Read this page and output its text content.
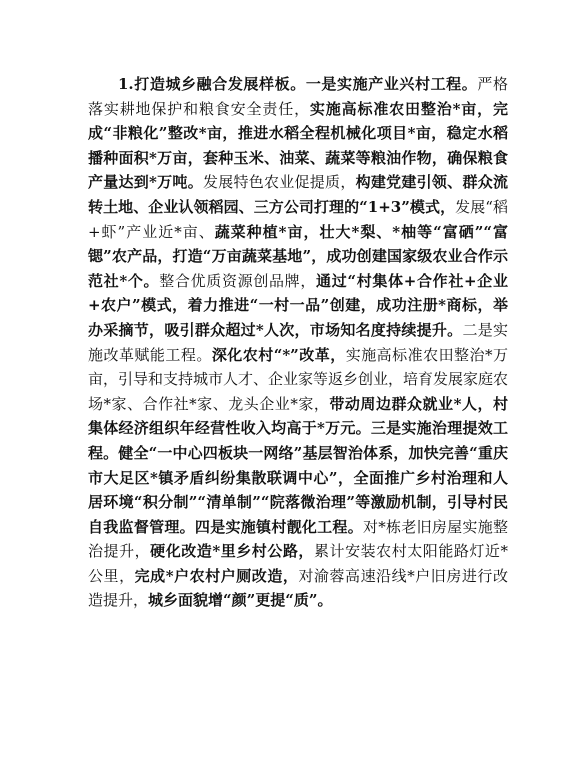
1.打造城乡融合发展样板。一是实施产业兴村工程。严格落实耕地保护和粮食安全责任，实施高标准农田整治*亩，完成“非粮化”整改*亩，推进水稻全程机械化项目*亩，稳定水稻播种面积*万亩，套种玉米、油菜、蔬菜等粮油作物，确保粮食产量达到*万吨。发展特色农业促提质，构建党建引领、群众流转土地、企业认领稻园、三方公司打理的“1+3”模式，发展“稻+虾”产业近*亩、蔬菜种植*亩，壮大*梨、*柚等“富硒”“富锶”农产品，打造“万亩蔬菜基地”，成功创建国家级农业合作示范社*个。整合优质资源创品牌，通过“村集体+合作社+企业+农户”模式，着力推进“一村一品”创建，成功注册*商标，举办采摘节，吸引群众超过*人次，市场知名度持续提升。二是实施改革赋能工程。深化农村“*”改革，实施高标准农田整治*万亩，引导和支持城市人才、企业家等返乡创业，培育发展家庭农场*家、合作社*家、龙头企业*家，带动周边群众就业*人，村集体经济组织年经营性收入均高于*万元。三是实施治理提效工程。健全“一中心四板块一网络”基层智治体系，加快完善“重庆市大足区*镇矛盾纠纷集散联调中心”，全面推广乡村治理和人居环境“积分制”“清单制”“院落微治理”等激励机制，引导村民自我监督管理。四是实施镇村靓化工程。对*栋老旧房屋实施整治提升，硬化改造*里乡村公路，累计安装农村太阳能路灯近*公里，完成*户农村户厕改造，对渝蓉高速沿线*户旧房进行改造提升，城乡面貌增“颜”更提“质”。
